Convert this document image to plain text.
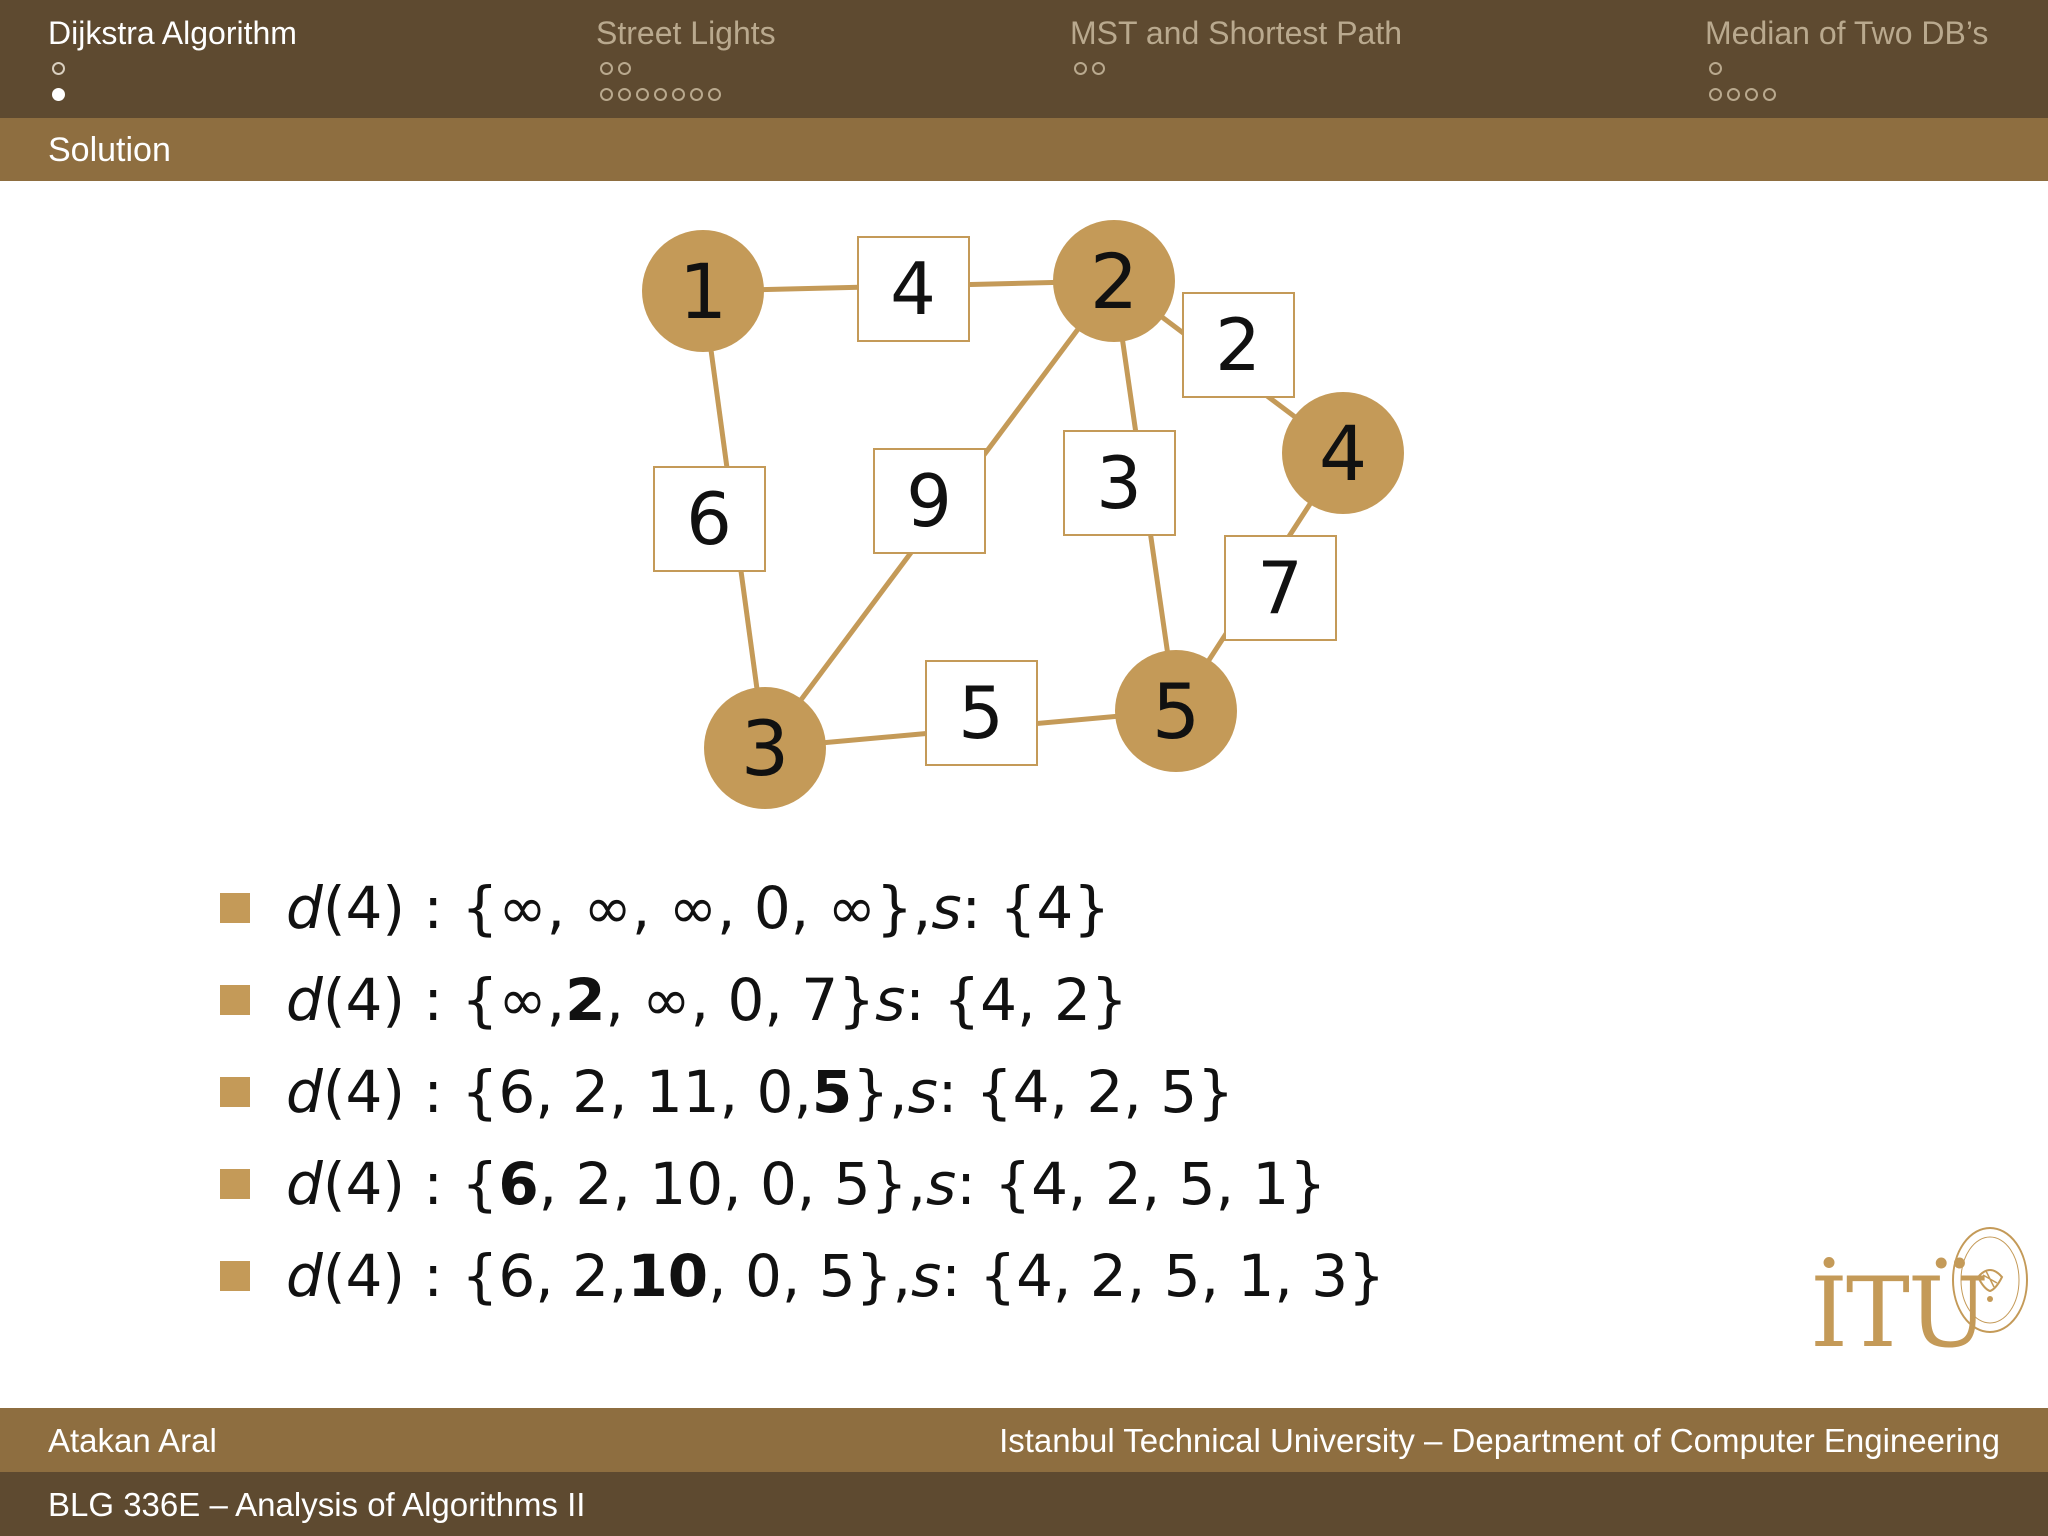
Dijkstra Algorithm	Street Lights	MST and Shortest Path	Median of Two DB’s
Solution
4
2
6 9 3
7
5
1	2
3
4
5
d (4) : { ∞, ∞, ∞, 0, ∞ }, s : {4}
d (4) : { ∞, 2 , ∞, 0, 7} s : {4, 2}
d (4) : { 6, 2, 11, 0, 5 }, s : {4, 2, 5}
d (4) : { 6 , 2, 10, 0, 5}, s : {4, 2, 5, 1}
d (4) : { 6, 2, 10 , 0, 5}, s : {4, 2, 5, 1, 3}	İTÜ
Atakan Aral	Istanbul Technical University – Department of Computer Engineering
BLG 336E – Analysis of Algorithms II
